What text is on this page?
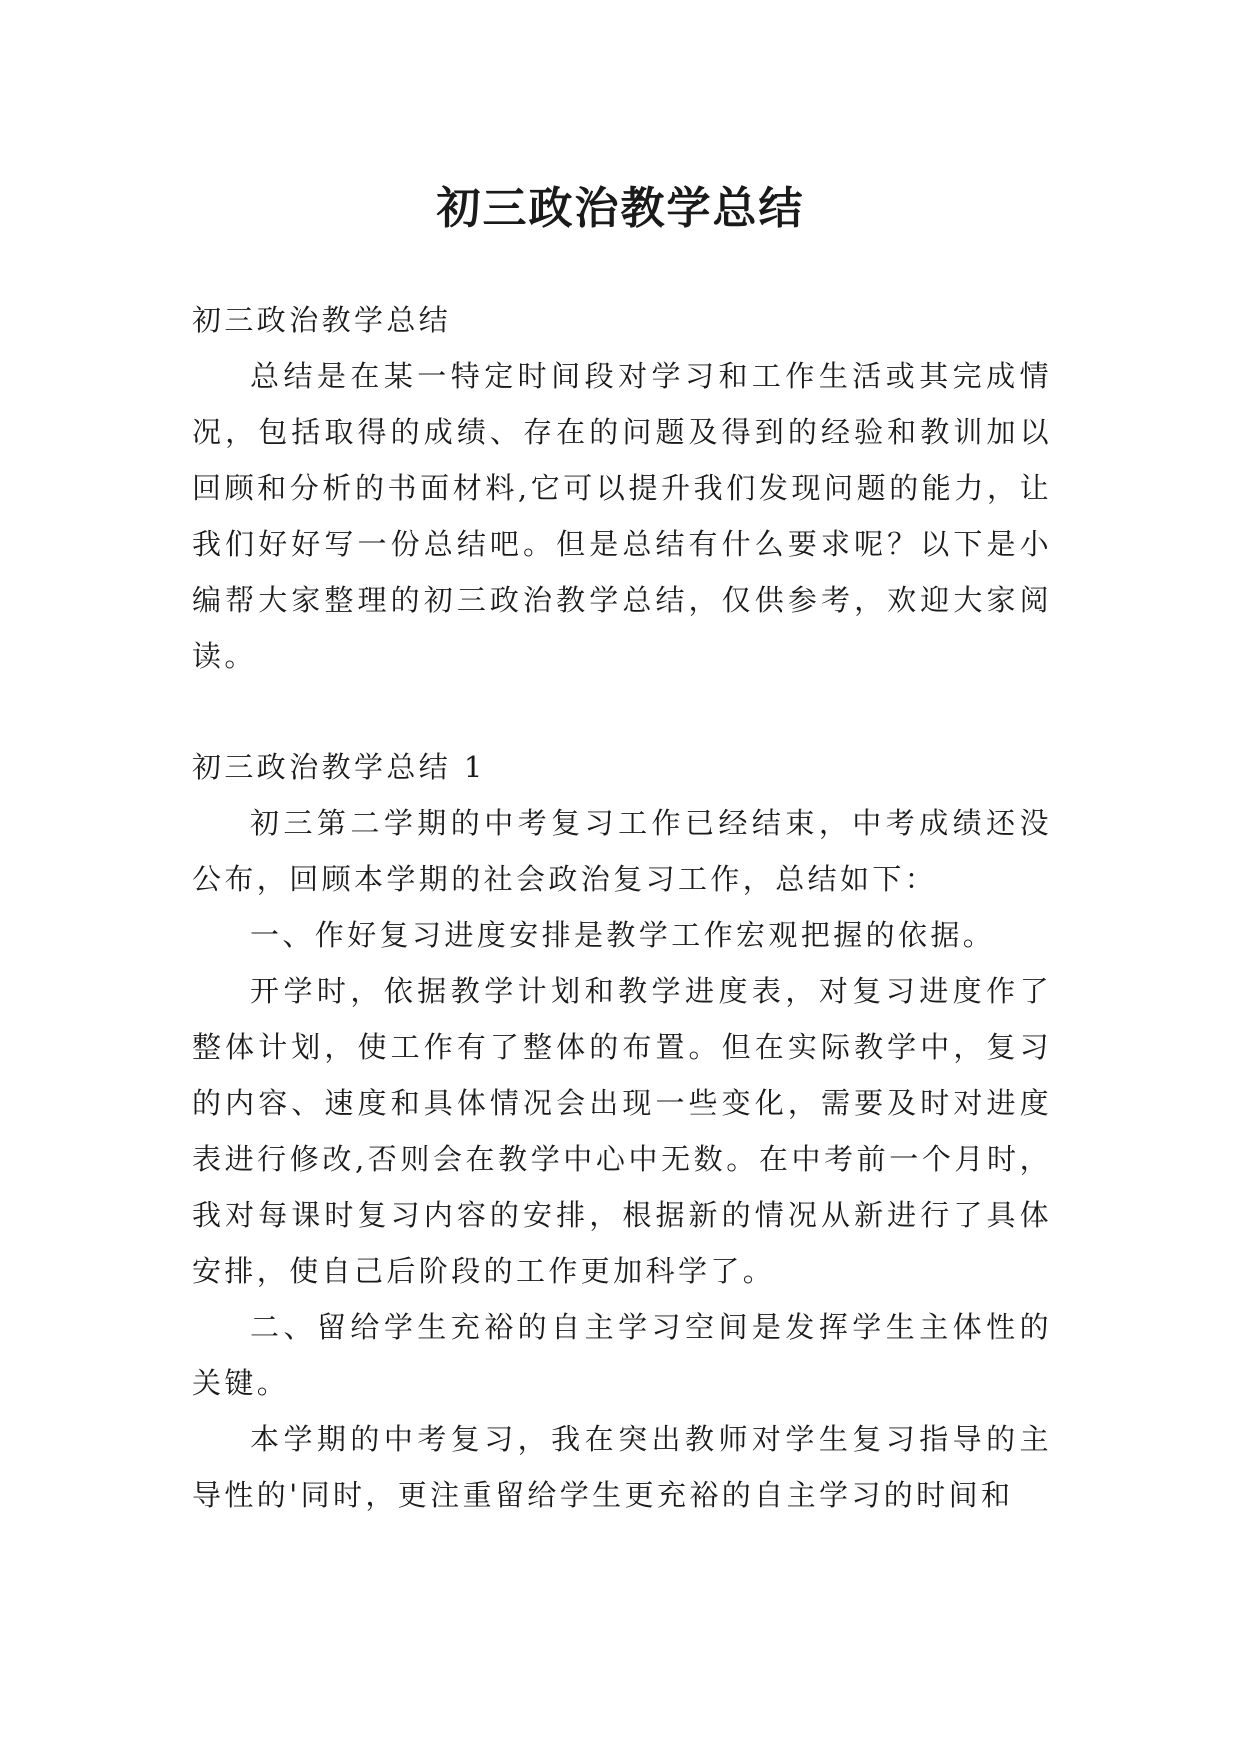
初三政治教学总结

初三政治教学总结

总结是在某一特定时间段对学习和工作生活或其完成情况，包括取得的成绩、存在的问题及得到的经验和教训加以回顾和分析的书面材料,它可以提升我们发现问题的能力，让我们好好写一份总结吧。但是总结有什么要求呢？以下是小编帮大家整理的初三政治教学总结，仅供参考，欢迎大家阅读。

初三政治教学总结 1

初三第二学期的中考复习工作已经结束，中考成绩还没公布，回顾本学期的社会政治复习工作，总结如下：

一、作好复习进度安排是教学工作宏观把握的依据。

开学时，依据教学计划和教学进度表，对复习进度作了整体计划，使工作有了整体的布置。但在实际教学中，复习的内容、速度和具体情况会出现一些变化，需要及时对进度表进行修改,否则会在教学中心中无数。在中考前一个月时，我对每课时复习内容的安排，根据新的情况从新进行了具体安排，使自己后阶段的工作更加科学了。

二、留给学生充裕的自主学习空间是发挥学生主体性的关键。

本学期的中考复习，我在突出教师对学生复习指导的主导性的'同时，更注重留给学生更充裕的自主学习的时间和
